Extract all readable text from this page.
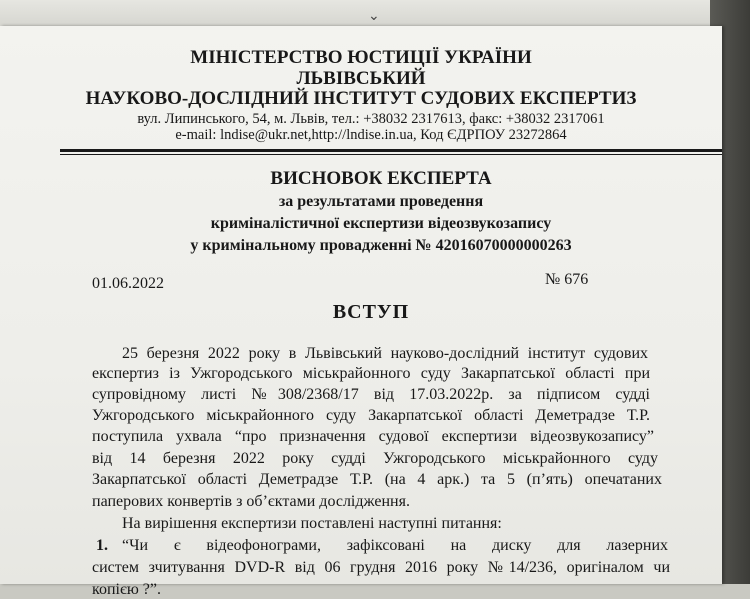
⌄
МІНІСТЕРСТВО ЮСТИЦІЇ УКРАЇНИ
ЛЬВІВСЬКИЙ
НАУКОВО-ДОСЛІДНИЙ ІНСТИТУТ СУДОВИХ ЕКСПЕРТИЗ
вул. Липинського, 54, м. Львів, тел.: +38032 2317613, факс: +38032 2317061
e-mail: lndise@ukr.net,http://lndise.in.ua, Код ЄДРПОУ 23272864
ВИСНОВОК ЕКСПЕРТА
за результатами проведення
криміналістичної експертизи відеозвукозапису
у кримінальному провадженні № 42016070000000263
01.06.2022	№ 676
ВСТУП
25 березня 2022 року в Львівський науково-дослідний інститут судових
експертиз із Ужгородського міськрайонного суду Закарпатської області при
супровідному листі №308/2368/17 від 17.03.2022р. за підписом судді
Ужгородського міськрайонного суду Закарпатської області Деметрадзе Т.Р.
поступила ухвала “про призначення судової експертизи відеозвукозапису”
від 14 березня 2022 року судді Ужгородського міськрайонного суду
Закарпатської області Деметрадзе Т.Р. (на 4 арк.) та 5 (п’ять) опечатаних
паперових конвертів з об’єктами дослідження.
На вирішення експертизи поставлені наступні питання:
1. “Чи є відеофонограми, зафіксовані на диску для лазерних
систем зчитування DVD-R від 06 грудня 2016 року №14/236, оригіналом чи
копією ?”.
